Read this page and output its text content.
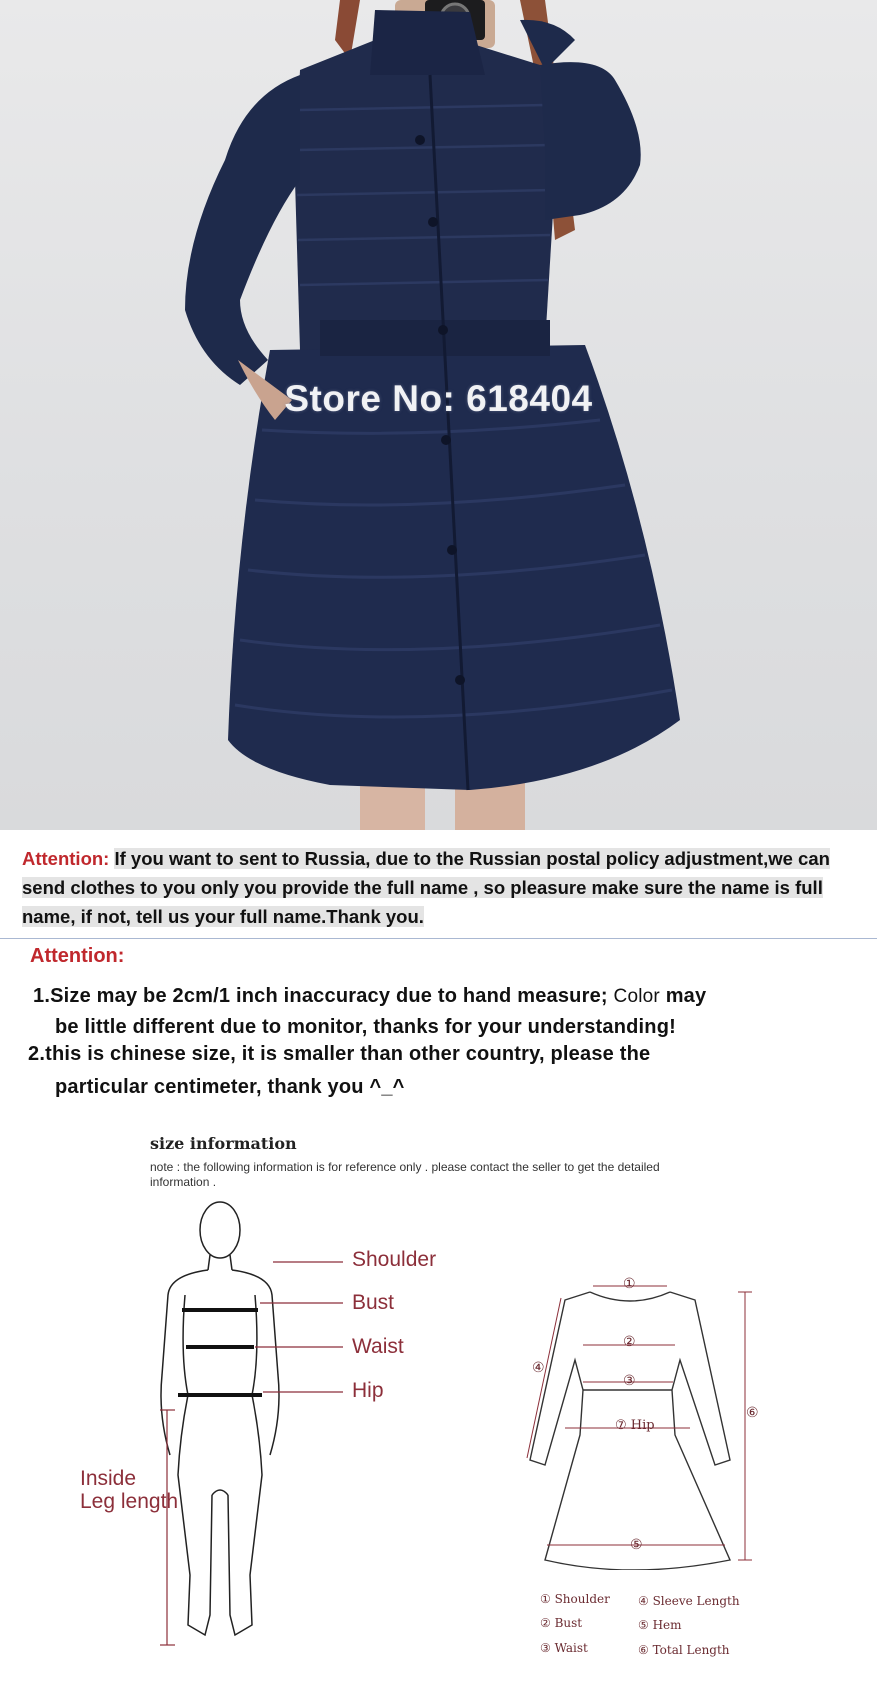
Store No: 618404
Attention: If you want to sent to Russia, due to the Russian postal policy adjustment,we can send clothes to you only you provide the full name , so pleasure make sure the name is full name, if not, tell us your full name.Thank you.
Attention:
1.Size may be 2cm/1 inch inaccuracy due to hand measure; Color may
be little different due to monitor, thanks for your understanding!
2.this is chinese size, it is smaller than other country, please the
particular centimeter, thank you ^_^
size information
note : the following information is for reference only . please contact the seller to get the detailed information .
Shoulder
Bust
Waist
Hip
Inside
Leg length
①
②
③
④
⑤
⑥
⑦ Hip
① Shoulder
② Bust
③ Waist
④ Sleeve Length
⑤ Hem
⑥ Total Length
